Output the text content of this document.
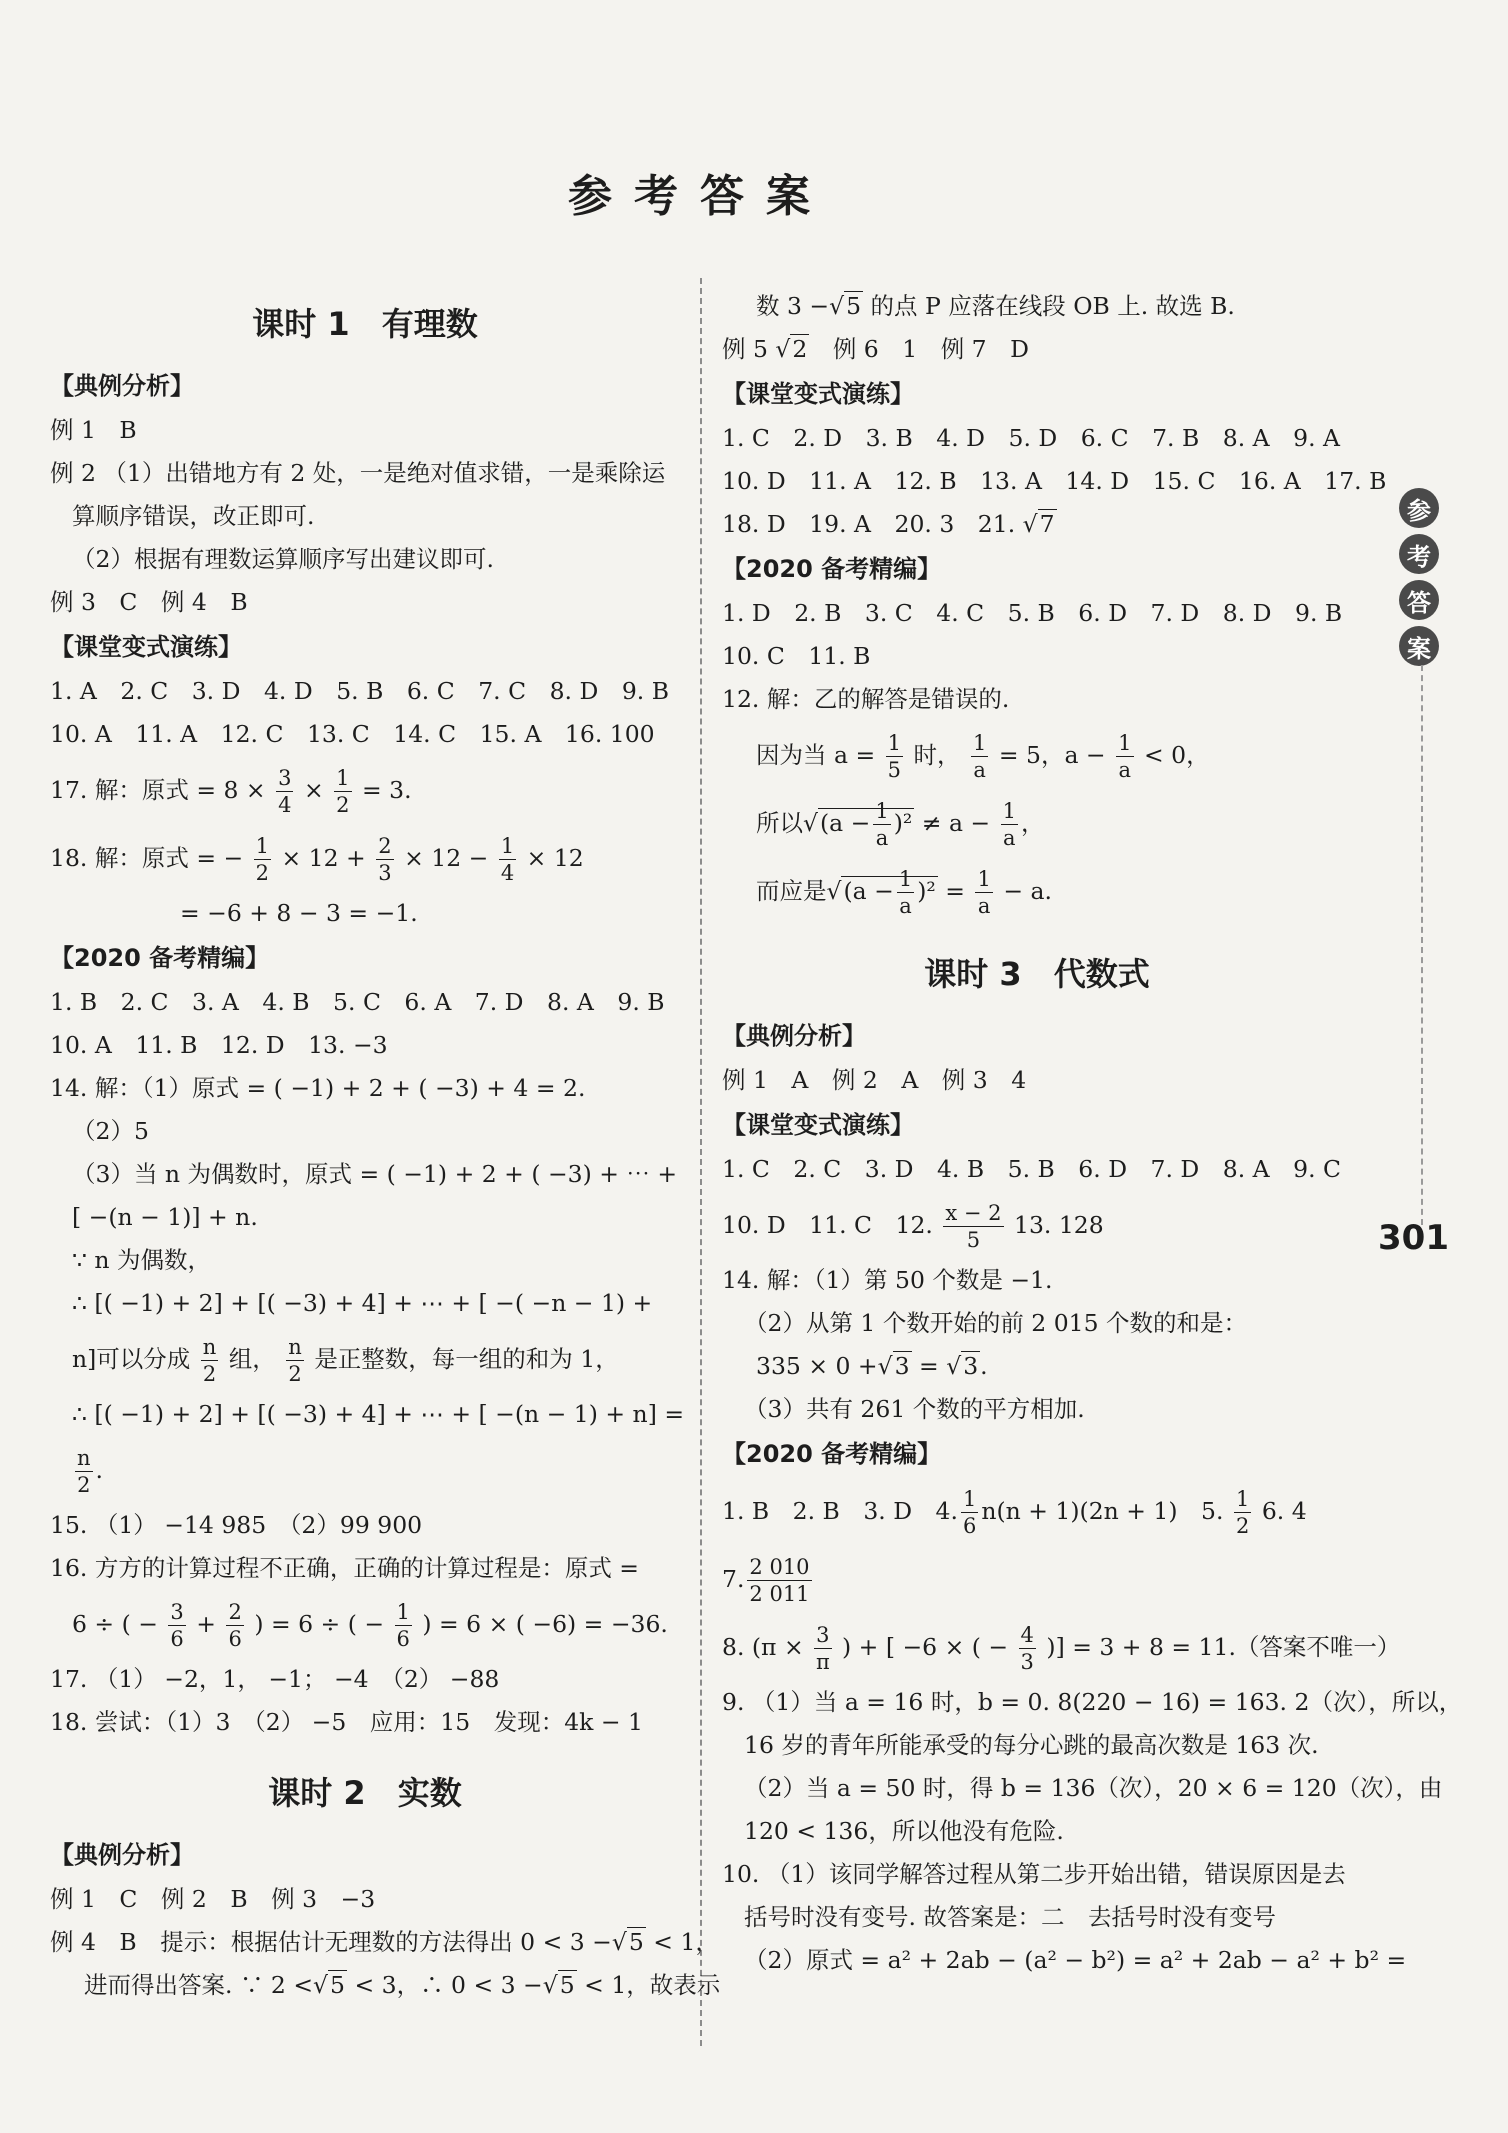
参考答案
参
考
答
案
301
课时 1　有理数
【典例分析】
例 1　B
例 2 （1）出错地方有 2 处，一是绝对值求错，一是乘除运
算顺序错误，改正即可.
（2）根据有理数运算顺序写出建议即可.
例 3　C　例 4　B
【课堂变式演练】
1. A　2. C　3. D　4. D　5. B　6. C　7. C　8. D　9. B
10. A　11. A　12. C　13. C　14. C　15. A　16. 100
17. 解：原式 = $8 \times \frac{3}{4} \times \frac{1}{2} = 3$.
18. 解：原式 = − $\frac{1}{2} \times 12 + \frac{2}{3} \times 12 - \frac{1}{4} \times 12$
= −6 + 8 − 3 = −1.
【2020 备考精编】
1. B　2. C　3. A　4. B　5. C　6. A　7. D　8. A　9. B
10. A　11. B　12. D　13. −3
14. 解：（1）原式 = ( −1) + 2 + ( −3) + 4 = 2.
（2）5
（3）当 n 为偶数时，原式 = ( −1) + 2 + ( −3) + ⋯ +
[ −(n − 1)] + n.
∵ n 为偶数，
∴ [( −1) + 2] + [( −3) + 4] + ⋯ + [ −( −n − 1) +
n]可以分成 $\frac{n}{2}$ 组， $\frac{n}{2}$ 是正整数，每一组的和为 1，
∴ [( −1) + 2] + [( −3) + 4] + ⋯ + [ −(n − 1) + n] =
$\frac{n}{2}$ .
15. （1） −14 985　（2）99 900
16. 方方的计算过程不正确，正确的计算过程是：原式 =
6 ÷ ( − $\frac{3}{6} + \frac{2}{6}$ ) = 6 ÷ ( − $\frac{1}{6}$ ) = 6 × ( −6) = −36.
17. （1） −2，1， −1； −4　（2） −88
18. 尝试：（1）3　（2） −5　应用：15　发现：4k − 1
课时 2　实数
【典例分析】
例 1　C　例 2　B　例 3　−3
例 4　B　提示：根据估计无理数的方法得出 0 < 3 −√5 < 1，
进而得出答案. ∵ 2 <√5 < 3，∴ 0 < 3 −√5 < 1，故表示
数 3 −√5 的点 P 应落在线段 OB 上. 故选 B.
例 5 √2　例 6　1　例 7　D
【课堂变式演练】
1. C　2. D　3. B　4. D　5. D　6. C　7. B　8. A　9. A
10. D　11. A　12. B　13. A　14. D　15. C　16. A　17. B
18. D　19. A　20. 3　21. √7
【2020 备考精编】
1. D　2. B　3. C　4. C　5. B　6. D　7. D　8. D　9. B
10. C　11. B
12. 解：乙的解答是错误的.
因为当 $a = \frac{1}{5}$ 时， $\frac{1}{a} = 5$，$a - \frac{1}{a} < 0$，
所以$√(a - \frac{1}{a} )^2 \ne a - \frac{1}{a}$ ，
而应是$√(a - \frac{1}{a} )^2 = \frac{1}{a} - a$.
课时 3　代数式
【典例分析】
例 1　A　例 2　A　例 3　4
【课堂变式演练】
1. C　2. C　3. D　4. B　5. B　6. D　7. D　8. A　9. C
10. D　11. C　12. $\frac{x - 2}{5} 13$. 128
14. 解：（1）第 50 个数是 −1.
（2）从第 1 个数开始的前 2 015 个数的和是：
335 × 0 +√3 = √3.
（3）共有 261 个数的平方相加.
【2020 备考精编】
1. B　2. B　3. D　4. $\frac{1}{6} n(n + 1)(2n + 1)$　5. $\frac{1}{2} 6$. 4
7. $\frac{2 010}{2 011}$
8. ($\pi \times \frac{3}{\pi}$ ) + [ −6 × ( − $\frac{4}{3}$ )] = 3 + 8 = 11.（答案不唯一）
9. （1）当 a = 16 时，b = 0. 8(220 − 16) = 163. 2（次），所以，
16 岁的青年所能承受的每分心跳的最高次数是 163 次.
（2）当 a = 50 时，得 b = 136（次），20 × 6 = 120（次），由
120 < 136，所以他没有危险.
10. （1）该同学解答过程从第二步开始出错，错误原因是去
括号时没有变号. 故答案是：二　去括号时没有变号
（2）原式 = a² + 2ab − (a² − b²) = a² + 2ab − a² + b² =
